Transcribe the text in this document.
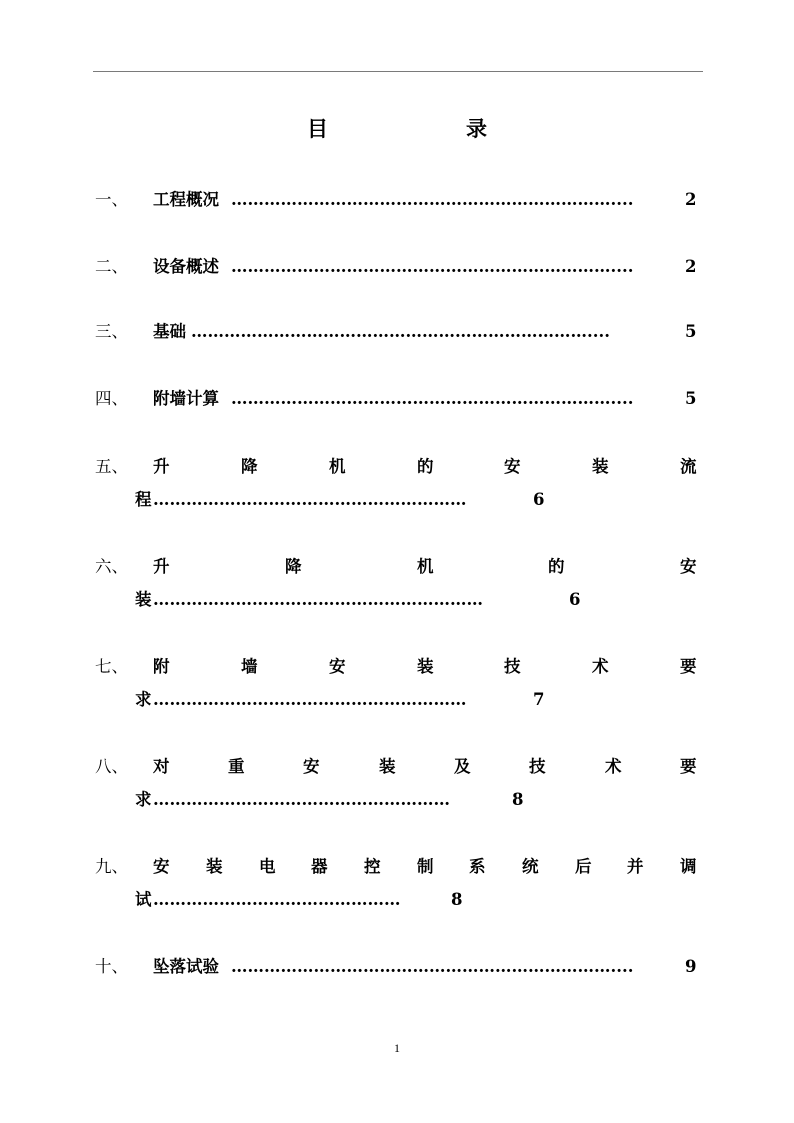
目	录
一、 工程概况 ……………………………………………………………....	2
二、 设备概述 ……………………………………………………………....	2
三、 基础 ………………………………………………………………....	5
四、 附墙计算 ……………………………………………………………....	5
五、 升	降	机	的	安	装	流
程 …………………………………………………	6
六、 升	降	机	的	安
装 ……………………………………………………	6
七、 附	墙	安	装	技	术	要
求 …………………………………………………	7
八、 对	重	安	装	及	技	术	要
求 ………………………………………………	8
九、 安 装 电 器 控 制 系 统 后 并 调
试 ………………………………………	8
十、 坠落试验 ……………………………………………………………....	9
1
